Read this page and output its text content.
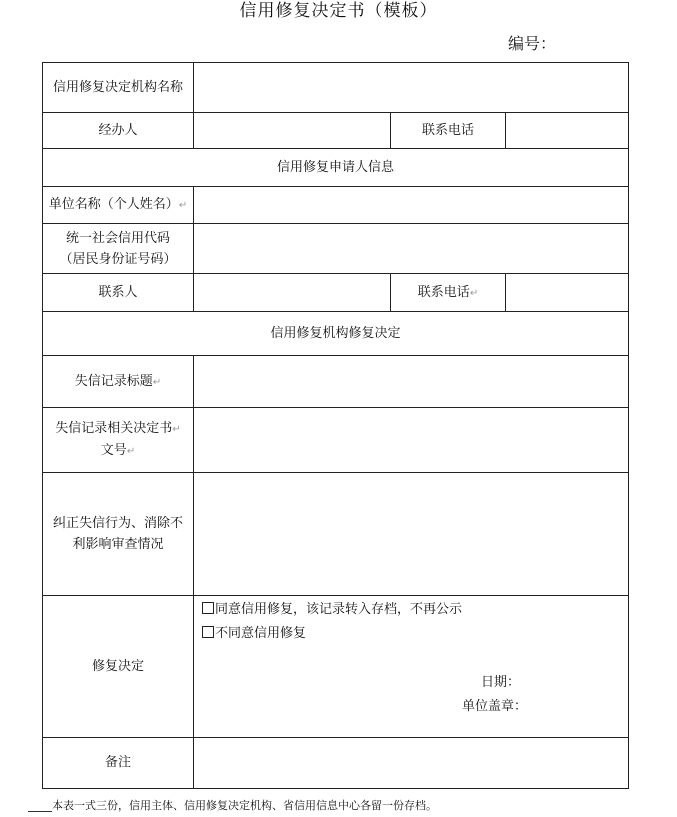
信用修复决定书（模板）
编号：
信用修复决定机构名称			
经办人		联系电话	
信用修复申请人信息			
单位名称（个人姓名）↵			
统一社会信用代码
（居民身份证号码）			
联系人		联系电话↵	
信用修复机构修复决定			
失信记录标题↵			
失信记录相关决定书↵
文号↵			
纠正失信行为、消除不
利影响审查情况			
修复决定	同意信用修复，该记录转入存档，不再公示
不同意信用修复
日期：
单位盖章：		

备注			
本表一式三份，信用主体、信用修复决定机构、省信用信息中心各留一份存档。
